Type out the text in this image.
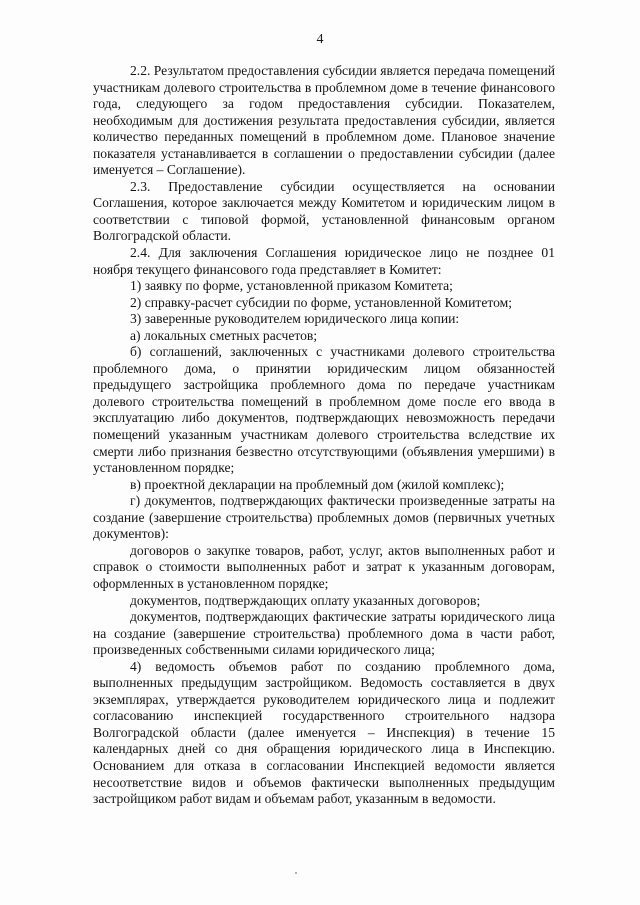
4

2.2. Результатом предоставления субсидии является передача помещений участникам долевого строительства в проблемном доме в течение финансового года, следующего за годом предоставления субсидии. Показателем, необходимым для достижения результата предоставления субсидии, является количество переданных помещений в проблемном доме. Плановое значение показателя устанавливается в соглашении о предоставлении субсидии (далее именуется – Соглашение).

2.3. Предоставление субсидии осуществляется на основании Соглашения, которое заключается между Комитетом и юридическим лицом в соответствии с типовой формой, установленной финансовым органом Волгоградской области.

2.4. Для заключения Соглашения юридическое лицо не позднее 01 ноября текущего финансового года представляет в Комитет:

1) заявку по форме, установленной приказом Комитета;

2) справку-расчет субсидии по форме, установленной Комитетом;

3) заверенные руководителем юридического лица копии:

а) локальных сметных расчетов;

б) соглашений, заключенных с участниками долевого строительства проблемного дома, о принятии юридическим лицом обязанностей предыдущего застройщика проблемного дома по передаче участникам долевого строительства помещений в проблемном доме после его ввода в эксплуатацию либо документов, подтверждающих невозможность передачи помещений указанным участникам долевого строительства вследствие их смерти либо признания безвестно отсутствующими (объявления умершими) в установленном порядке;

в) проектной декларации на проблемный дом (жилой комплекс);

г) документов, подтверждающих фактически произведенные затраты на создание (завершение строительства) проблемных домов (первичных учетных документов):

договоров о закупке товаров, работ, услуг, актов выполненных работ и справок о стоимости выполненных работ и затрат к указанным договорам, оформленных в установленном порядке;

документов, подтверждающих оплату указанных договоров;

документов, подтверждающих фактические затраты юридического лица на создание (завершение строительства) проблемного дома в части работ, произведенных собственными силами юридического лица;

4) ведомость объемов работ по созданию проблемного дома, выполненных предыдущим застройщиком. Ведомость составляется в двух экземплярах, утверждается руководителем юридического лица и подлежит согласованию инспекцией государственного строительного надзора Волгоградской области (далее именуется – Инспекция) в течение 15 календарных дней со дня обращения юридического лица в Инспекцию. Основанием для отказа в согласовании Инспекцией ведомости является несоответствие видов и объемов фактически выполненных предыдущим застройщиком работ видам и объемам работ, указанным в ведомости.
